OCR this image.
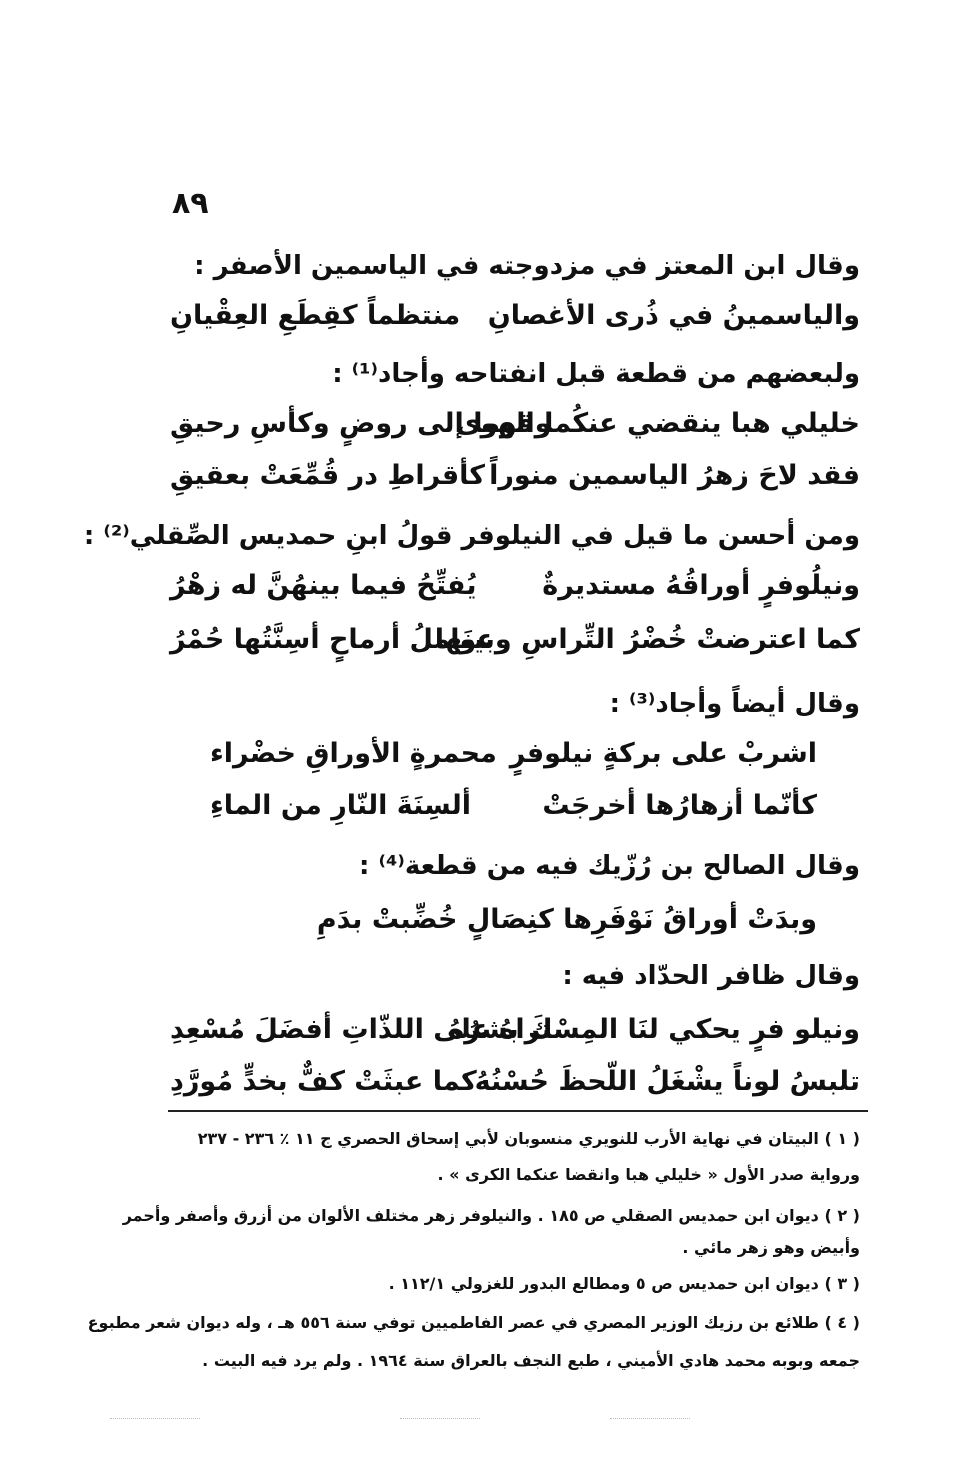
٨٩
وقال ابن المعتز في مزدوجته في الياسمين الأصفر :
والياسمينُ في ذُرى الأغصانِ
منتظماً كقِطَعِ العِقْيانِ
ولبعضهم من قطعة قبل انفتاحه وأجاد⁽¹⁾ :
خليلي هبا ينقضي عنكُما الهوى
وقوما إلى روضٍ وكأسِ رحيقِ
فقد لاحَ زهرُ الياسمين منوراً
كأقراطِ در قُمِّعَتْ بعقيقِ
ومن أحسن ما قيل في النيلوفر قولُ ابنِ حمديس الصِّقلي⁽²⁾ :
ونيلُوفرٍ أوراقُهُ مستديرةٌ
يُفتِّحُ فيما بينهُنَّ له زهْرُ
كما اعترضتْ خُضْرُ التِّراسِ وبينَها
عواملُ أرماحٍ أسِنَّتُها حُمْرُ
وقال أيضاً وأجاد⁽³⁾ :
اشربْ على بركةٍ نيلوفرٍ
محمرةٍ الأوراقِ خضْراء
كأنّما أزهارُها أخرجَتْ
ألسِنَةَ النّارِ من الماءِ
وقال الصالح بن رُزّيك فيه من قطعة⁽⁴⁾ :
وبدَتْ أوراقُ نَوْفَرِها كنِصَالٍ خُضِّبتْ بدَمِ
وقال ظافر الحدّاد فيه :
ونيلو فرٍ يحكي لنَا المِسْكَ بشرُهُ
تراهُ على اللذّاتِ أفضَلَ مُسْعِدِ
تلبسُ لوناً يشْغَلُ اللّحظَ حُسْنُهُ
كما عبثَتْ كفٌّ بخدٍّ مُورَّدِ
( ١ ) البيتان في نهاية الأرب للنويري منسوبان لأبي إسحاق الحصري ج ١١ ٪ ٢٣٦ - ٢٣٧
ورواية صدر الأول « خليلي هبا وانقضا عنكما الكرى » .
( ٢ ) ديوان ابن حمديس الصقلي ص ١٨٥ . والنيلوفر زهر مختلف الألوان من أزرق وأصفر وأحمر
وأبيض وهو زهر مائي .
( ٣ ) ديوان ابن حمديس ص ٥ ومطالع البدور للغزولي ١١٢/١ .
( ٤ ) طلائع بن رزيك الوزير المصري في عصر الفاطميين توفي سنة ٥٥٦ هـ ، وله ديوان شعر مطبوع
جمعه وبوبه محمد هادي الأميني ، طبع النجف بالعراق سنة ١٩٦٤ . ولم يرد فيه البيت .
